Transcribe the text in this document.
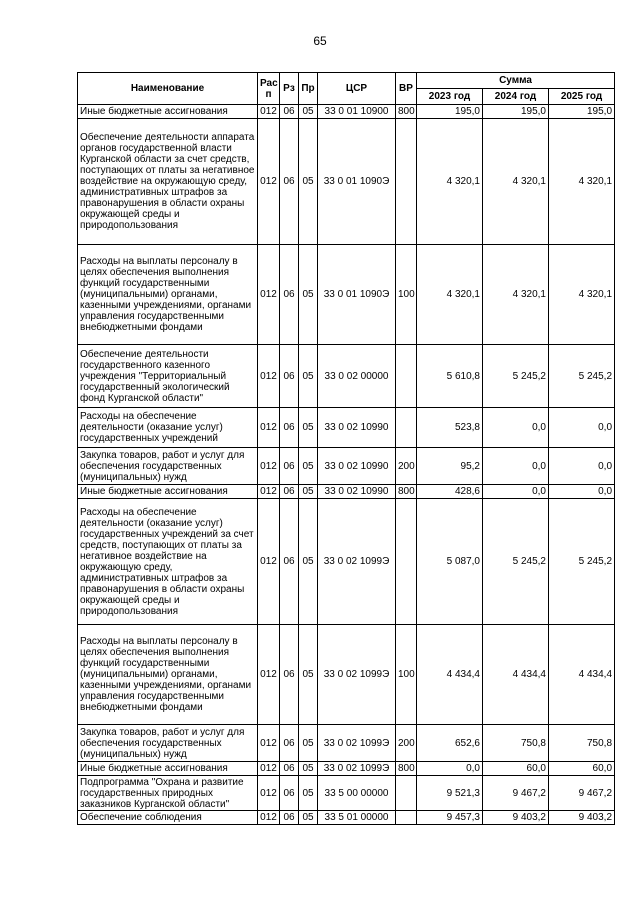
65
Наименование	Рас п	Рз	Пр	ЦСР	ВР	Сумма		
						2023 год	2024 год	2025 год
Иные бюджетные ассигнования	012	06	05	33 0 01 10900	800	195,0	195,0	195,0
Обеспечение деятельности аппарата органов государственной власти Курганской области за счет средств, поступающих от платы за негативное воздействие на окружающую среду, административных штрафов за правонарушения в области охраны окружающей среды и природопользования	012	06	05	33 0 01 1090Э		4 320,1	4 320,1	4 320,1
Расходы на выплаты персоналу в целях обеспечения выполнения функций государственными (муниципальными) органами, казенными учреждениями, органами управления государственными внебюджетными фондами	012	06	05	33 0 01 1090Э	100	4 320,1	4 320,1	4 320,1
Обеспечение деятельности государственного казенного учреждения "Территориальный государственный экологический фонд Курганской области"	012	06	05	33 0 02 00000		5 610,8	5 245,2	5 245,2
Расходы на обеспечение деятельности (оказание услуг) государственных учреждений	012	06	05	33 0 02 10990		523,8	0,0	0,0
Закупка товаров, работ и услуг для обеспечения государственных (муниципальных) нужд	012	06	05	33 0 02 10990	200	95,2	0,0	0,0
Иные бюджетные ассигнования	012	06	05	33 0 02 10990	800	428,6	0,0	0,0
Расходы на обеспечение деятельности (оказание услуг) государственных учреждений за счет средств, поступающих от платы за негативное воздействие на окружающую среду, административных штрафов за правонарушения в области охраны окружающей среды и природопользования	012	06	05	33 0 02 1099Э		5 087,0	5 245,2	5 245,2
Расходы на выплаты персоналу в целях обеспечения выполнения функций государственными (муниципальными) органами, казенными учреждениями, органами управления государственными внебюджетными фондами	012	06	05	33 0 02 1099Э	100	4 434,4	4 434,4	4 434,4
Закупка товаров, работ и услуг для обеспечения государственных (муниципальных) нужд	012	06	05	33 0 02 1099Э	200	652,6	750,8	750,8
Иные бюджетные ассигнования	012	06	05	33 0 02 1099Э	800	0,0	60,0	60,0
Подпрограмма "Охрана и развитие государственных природных заказников Курганской области"	012	06	05	33 5 00 00000		9 521,3	9 467,2	9 467,2
Обеспечение соблюдения	012	06	05	33 5 01 00000		9 457,3	9 403,2	9 403,2
